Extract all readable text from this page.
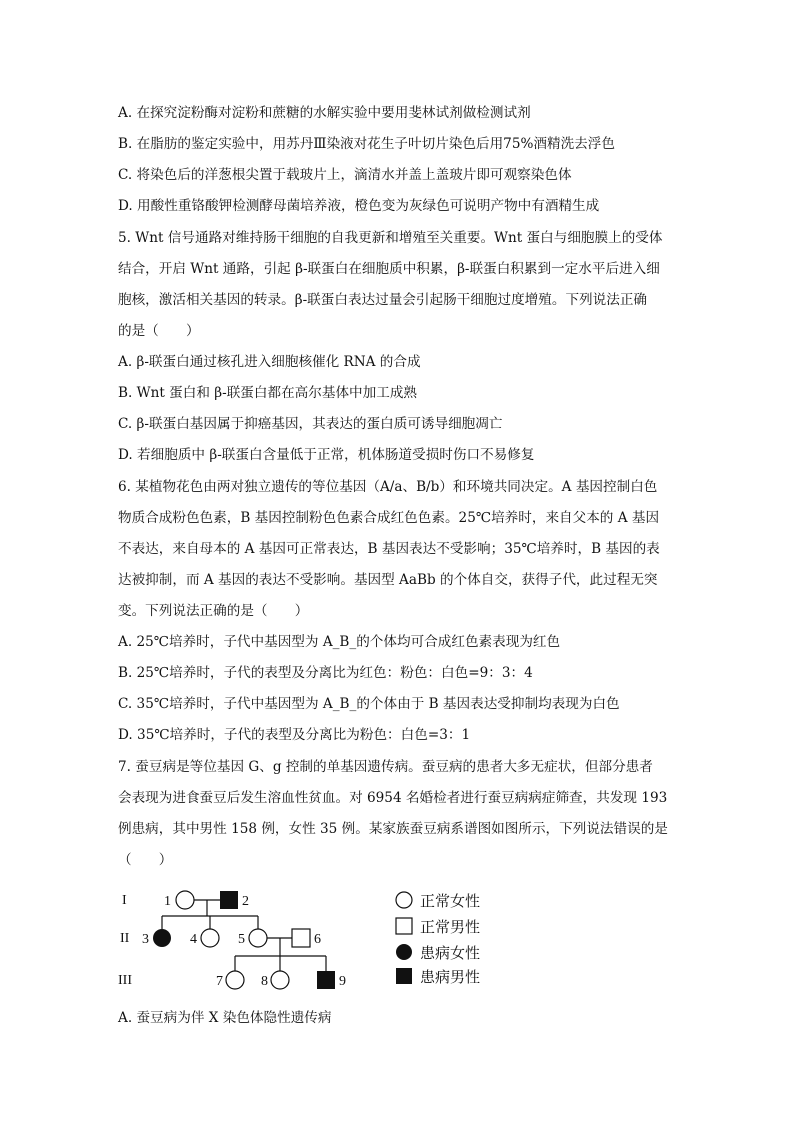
A. 在探究淀粉酶对淀粉和蔗糖的水解实验中要用斐林试剂做检测试剂
B. 在脂肪的鉴定实验中，用苏丹Ⅲ染液对花生子叶切片染色后用75%酒精洗去浮色
C. 将染色后的洋葱根尖置于载玻片上，滴清水并盖上盖玻片即可观察染色体
D. 用酸性重铬酸钾检测酵母菌培养液，橙色变为灰绿色可说明产物中有酒精生成
5. Wnt 信号通路对维持肠干细胞的自我更新和增殖至关重要。Wnt 蛋白与细胞膜上的受体
结合，开启 Wnt 通路，引起 β-联蛋白在细胞质中积累，β-联蛋白积累到一定水平后进入细
胞核，激活相关基因的转录。β-联蛋白表达过量会引起肠干细胞过度增殖。下列说法正确
的是（　　）
A. β-联蛋白通过核孔进入细胞核催化 RNA 的合成
B. Wnt 蛋白和 β-联蛋白都在高尔基体中加工成熟
C. β-联蛋白基因属于抑癌基因，其表达的蛋白质可诱导细胞凋亡
D. 若细胞质中 β-联蛋白含量低于正常，机体肠道受损时伤口不易修复
6. 某植物花色由两对独立遗传的等位基因（A/a、B/b）和环境共同决定。A 基因控制白色
物质合成粉色色素，B 基因控制粉色色素合成红色色素。25℃培养时，来自父本的 A 基因
不表达，来自母本的 A 基因可正常表达，B 基因表达不受影响；35℃培养时，B 基因的表
达被抑制，而 A 基因的表达不受影响。基因型 AaBb 的个体自交，获得子代，此过程无突
变。下列说法正确的是（　　）
A. 25℃培养时，子代中基因型为 A_B_的个体均可合成红色素表现为红色
B. 25℃培养时，子代的表型及分离比为红色：粉色：白色=9：3：4
C. 35℃培养时，子代中基因型为 A_B_的个体由于 B 基因表达受抑制均表现为白色
D. 35℃培养时，子代的表型及分离比为粉色：白色=3：1
7. 蚕豆病是等位基因 G、g 控制的单基因遗传病。蚕豆病的患者大多无症状，但部分患者
会表现为进食蚕豆后发生溶血性贫血。对 6954 名婚检者进行蚕豆病病症筛查，共发现 193
例患病，其中男性 158 例，女性 35 例。某家族蚕豆病系谱图如图所示，下列说法错误的是
（　　）
I
II
III
1	2
3	4	5	6
7	8	9
正常女性
正常男性
患病女性
患病男性
A. 蚕豆病为伴 X 染色体隐性遗传病
